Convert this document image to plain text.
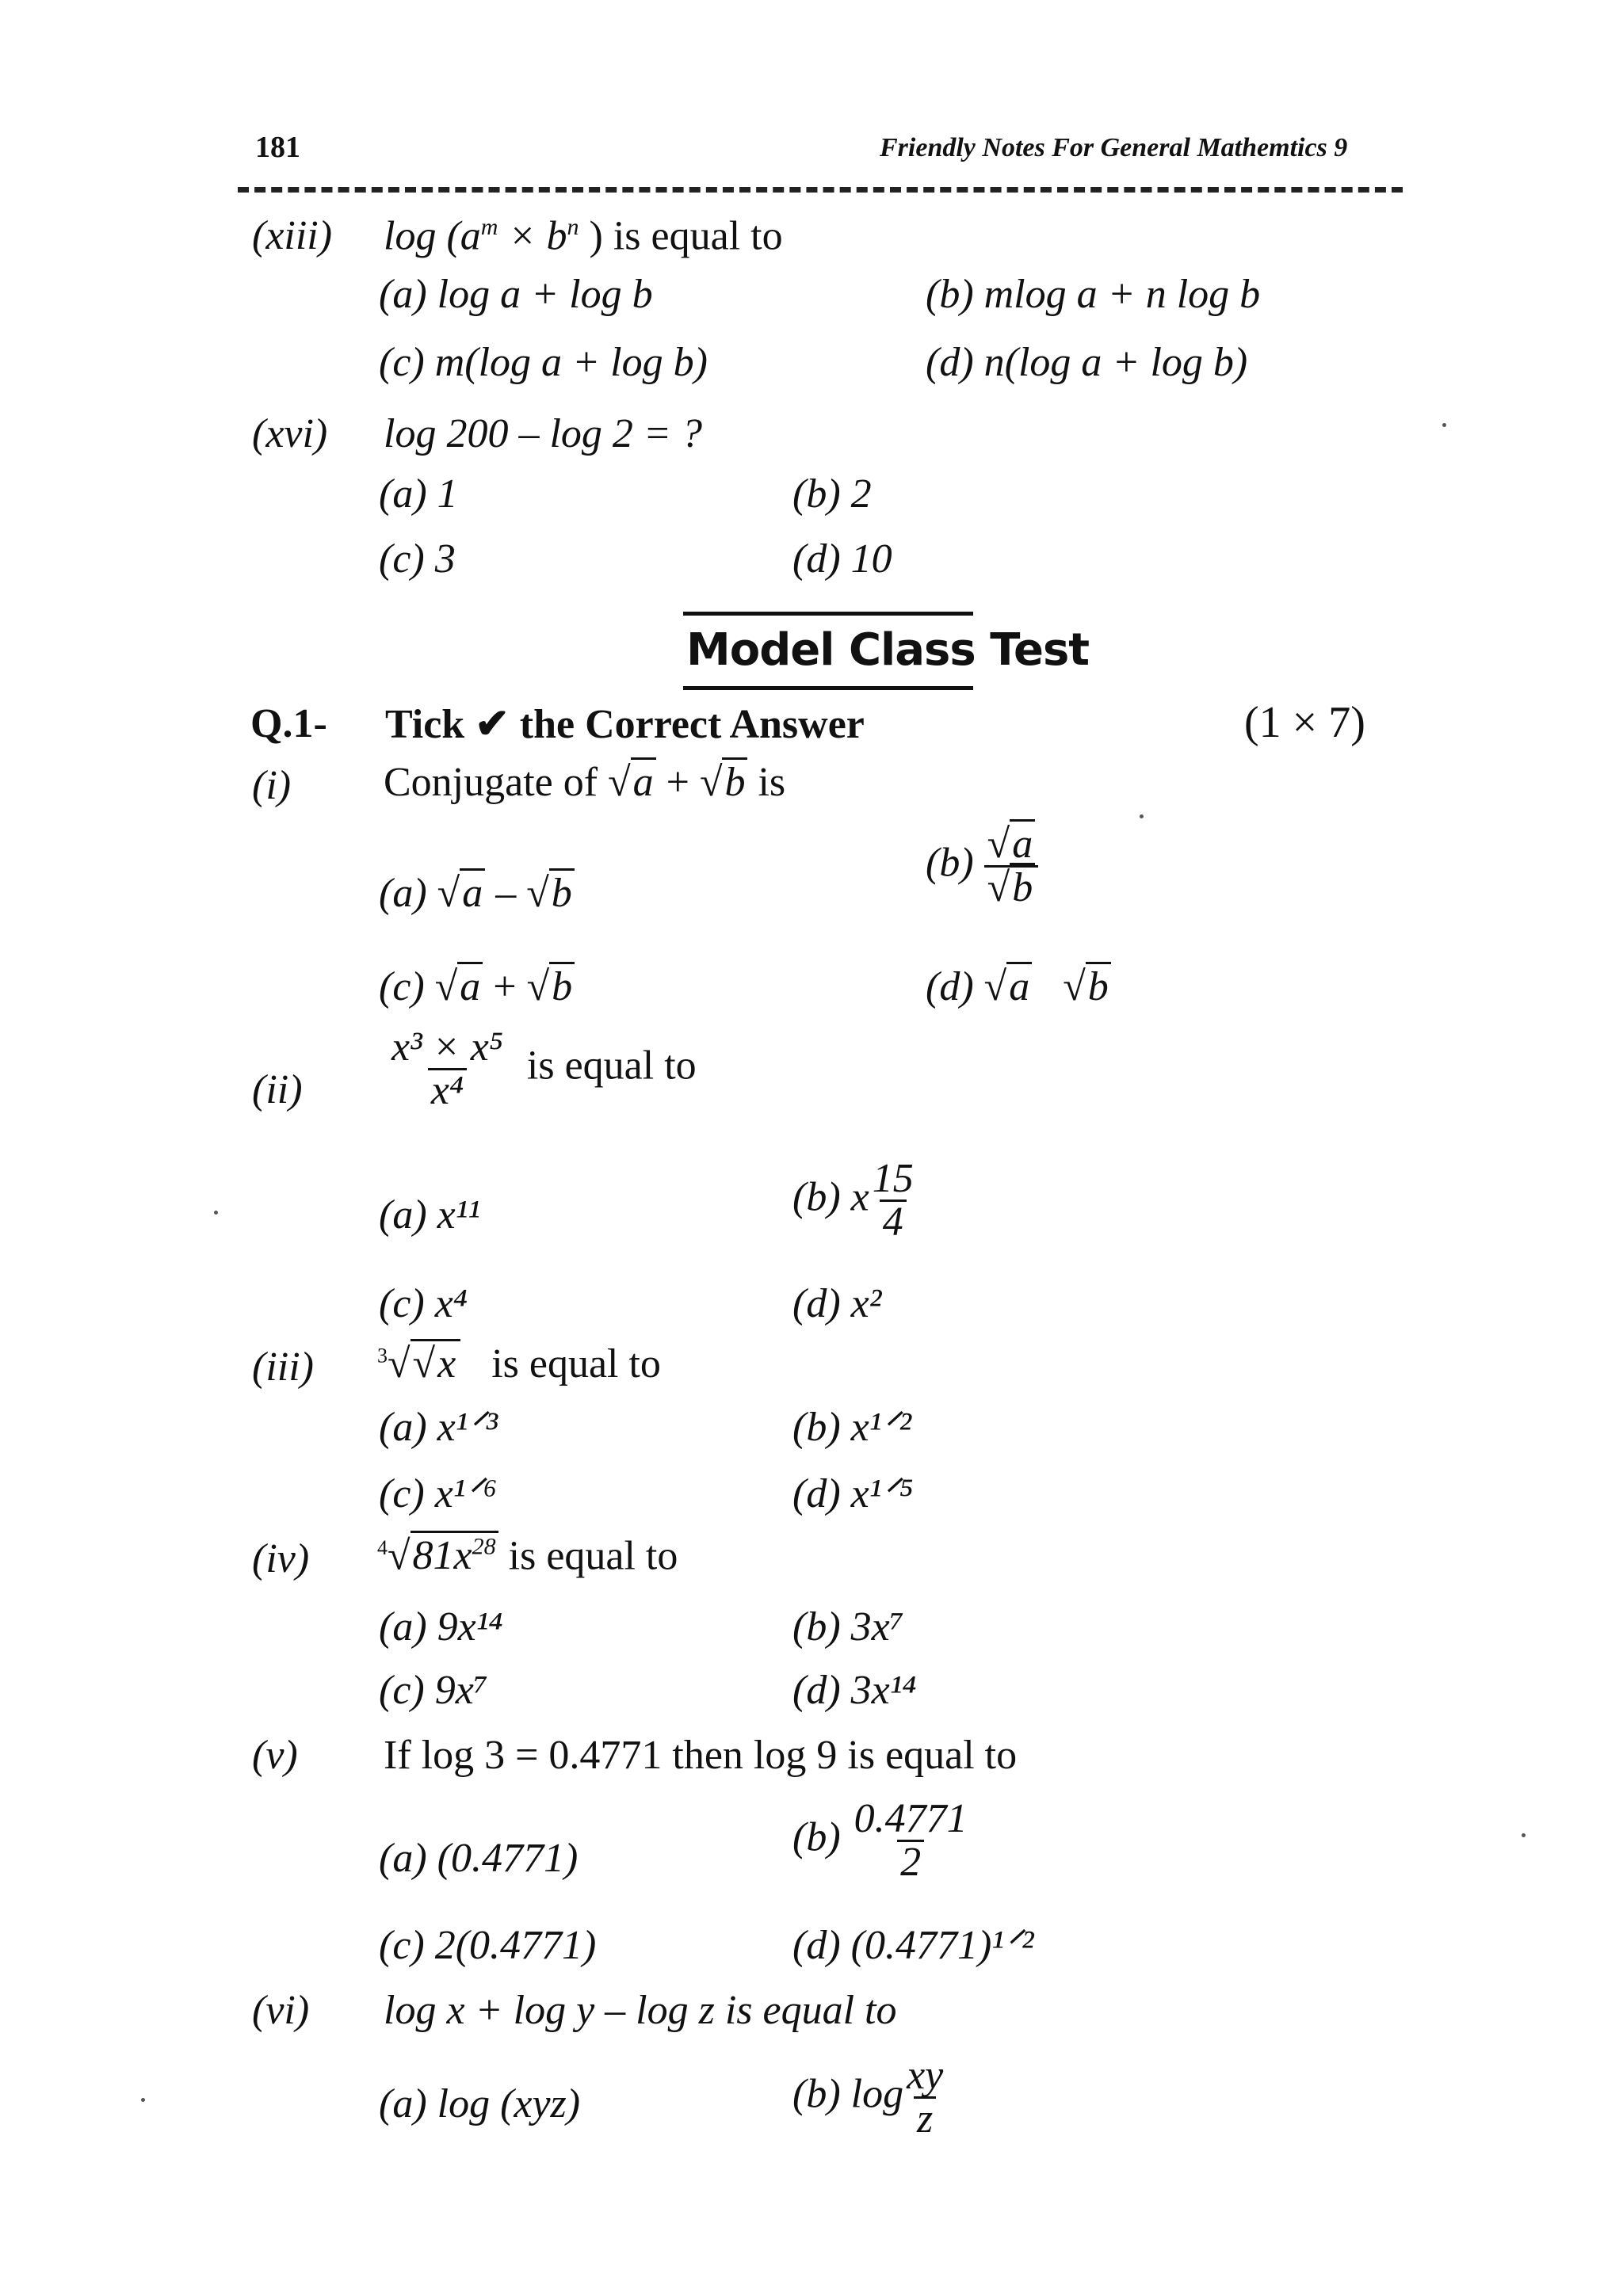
181	Friendly Notes For General Mathemtics 9
(xiii) $\log (a^m \times b^n$ ) is equal to
(a) log a + log b	(b) mlog a + n log b
(c) m(log a + log b)	(d) n(log a + log b)
(xvi) log 200 – log 2 = ?
(a) 1	(b) 2
(c) 3	(d) 10
Model Class Test
Q.1- Tick ✔ the Correct Answer	(1 × 7)
(i) Conjugate of √a + √b is
(a) √a – √b
$(b) \frac{√a}{√b}$
(c) √a + √b	(d) √a √b
$(ii) \frac{\text{x³ × x⁵}}{\text{x⁴}}$ is equal to
(a) x¹¹	(b) x $\frac{15}{4}$
(c) x⁴	(d) x²
(iii)	$^3$√√x is equal to
(a) x¹ᐟ³	(b) x¹ᐟ²
(c) x¹ᐟ⁶	(d) x¹ᐟ⁵
(iv)	$^4√81x^{28}$ is equal to
(a) 9x¹⁴	(b) 3x⁷
(c) 9x⁷	(d) 3x¹⁴
(v) If log 3 = 0.4771 then log 9 is equal to
(a) (0.4771)	$(b) \frac{0.4771}{2}$
(c) 2(0.4771)	(d) (0.4771)¹ᐟ²
(vi) log x + log y – log z is equal to
(a) log (xyz)	(b) $\log \frac{xy}{z}$
